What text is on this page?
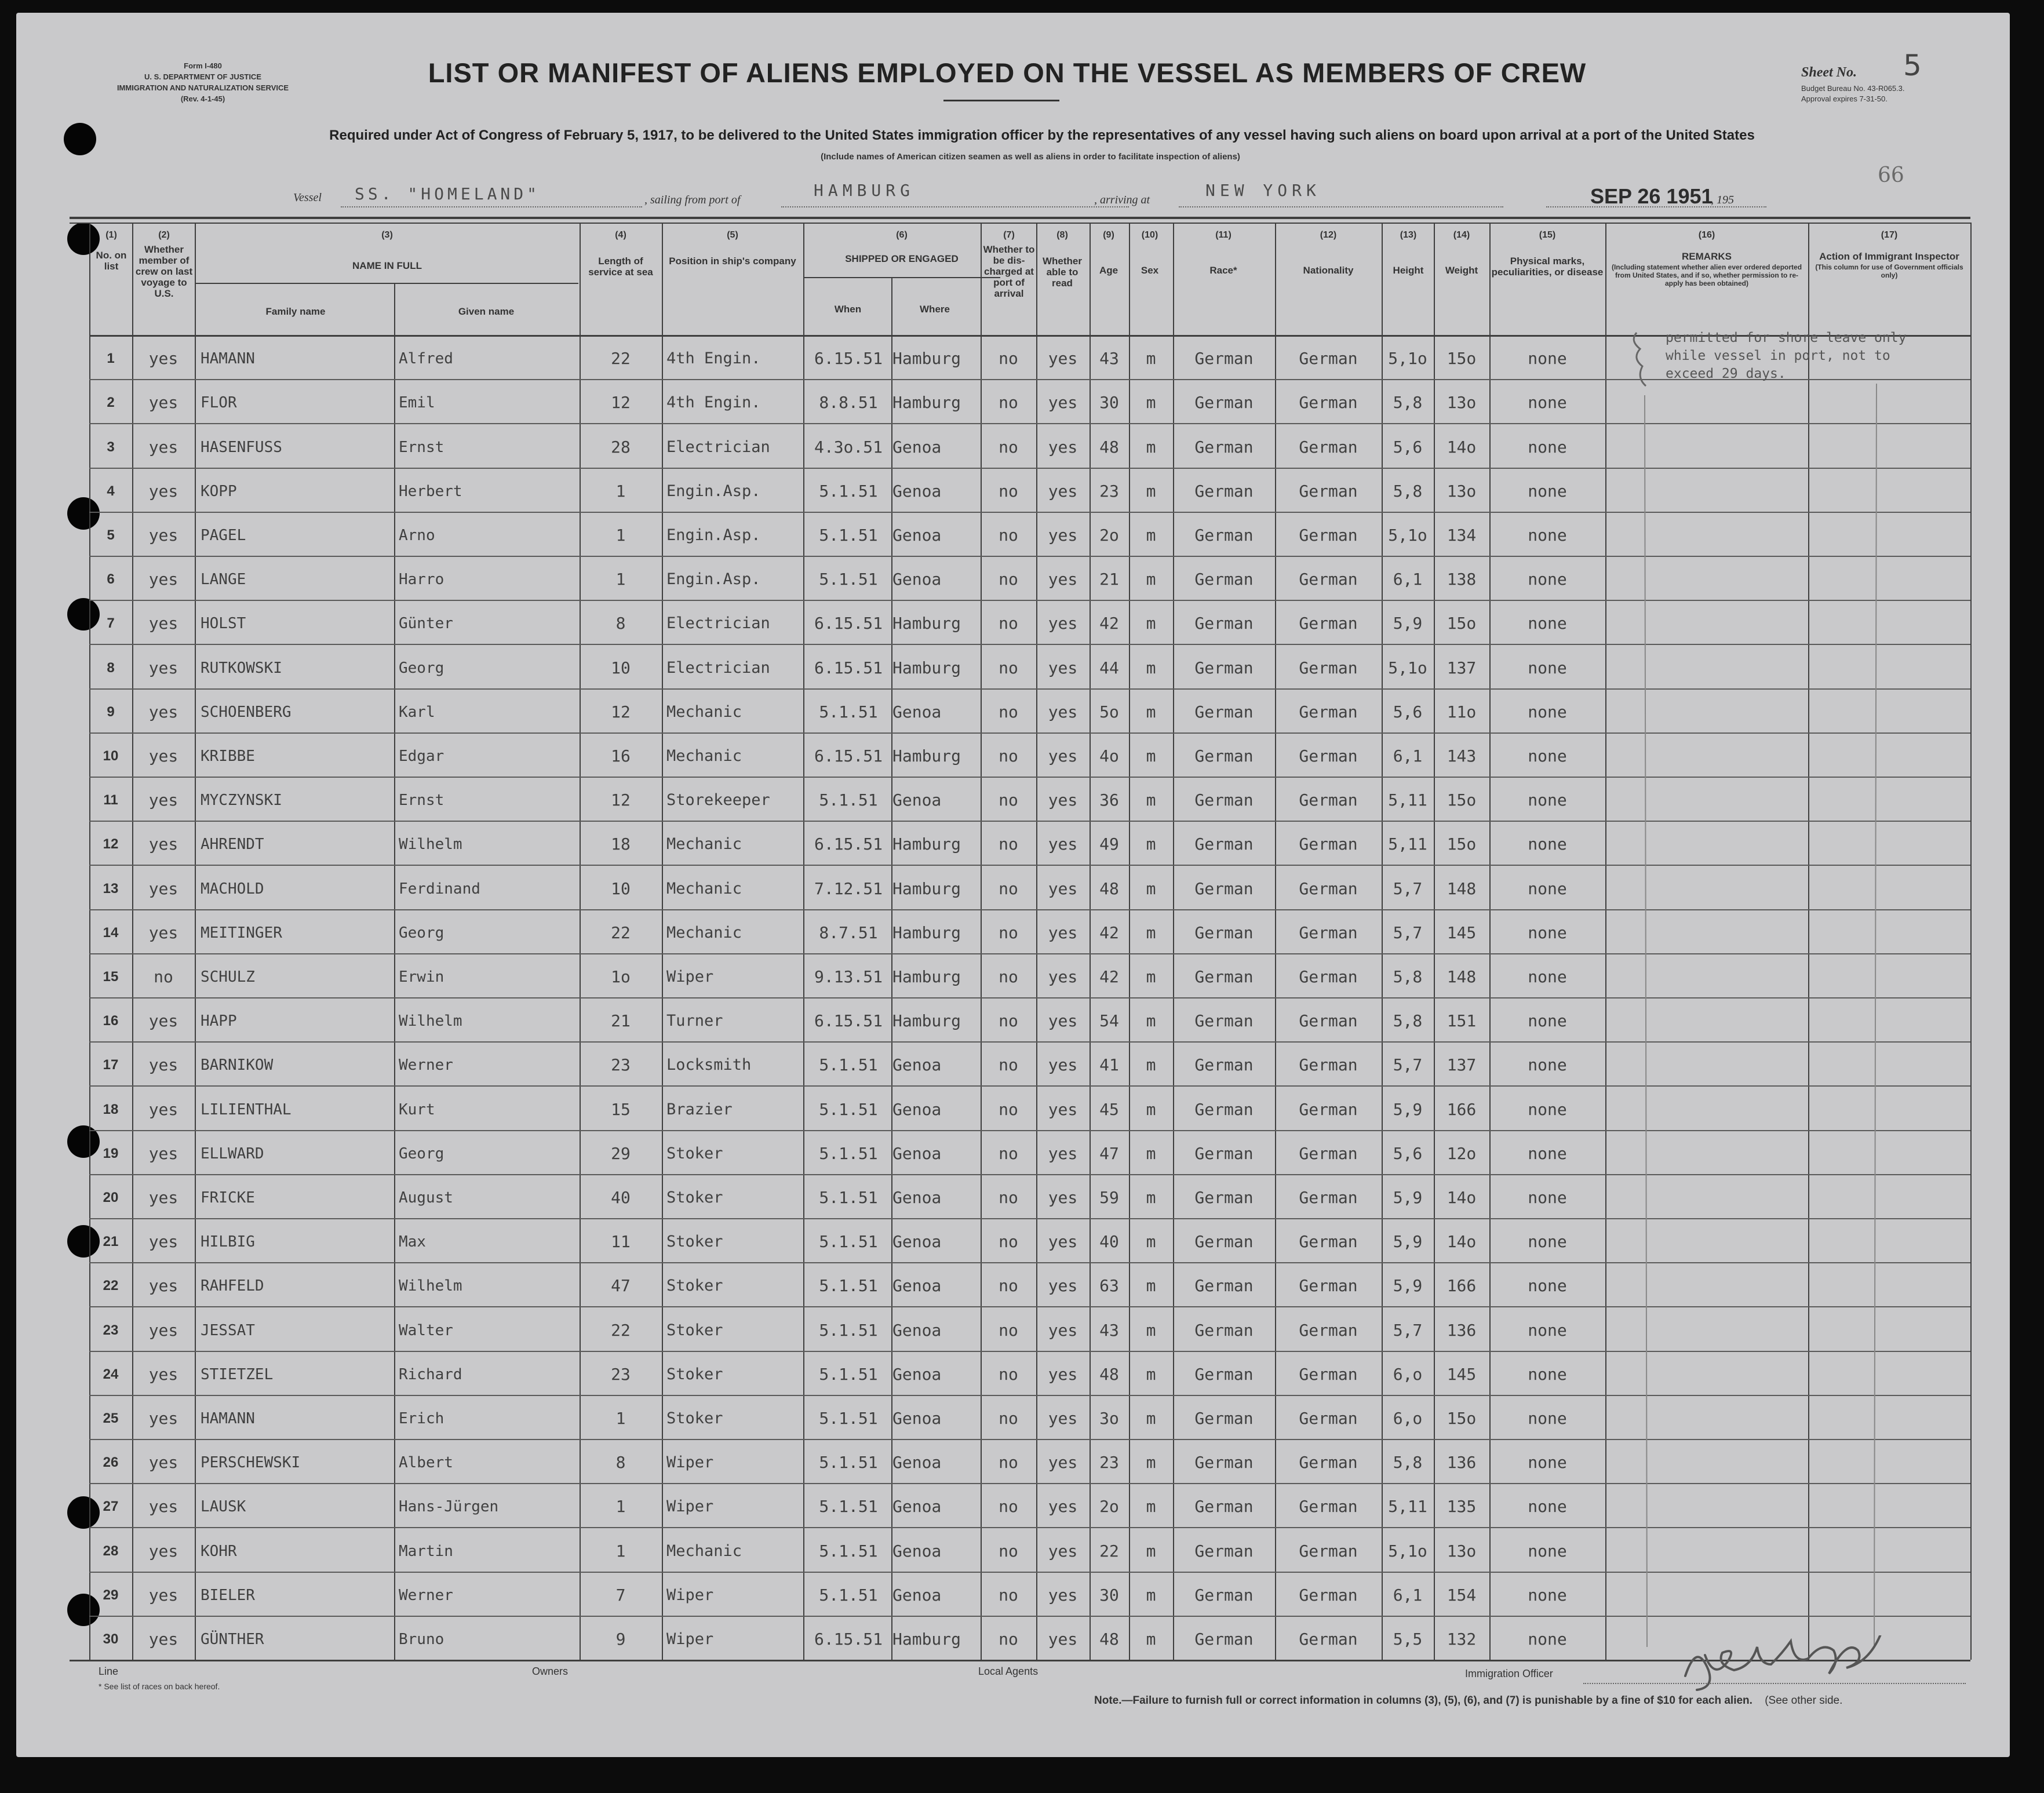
Form I-480
U. S. DEPARTMENT OF JUSTICE
IMMIGRATION AND NATURALIZATION SERVICE
(Rev. 4-1-45)
LIST OR MANIFEST OF ALIENS EMPLOYED ON THE VESSEL AS MEMBERS OF CREW	Sheet No. 5
Budget Bureau No. 43-R065.3.
Approval expires 7-31-50.
Required under Act of Congress of February 5, 1917, to be delivered to the United States immigration officer by the representatives of any vessel having such aliens on board upon arrival at a port of the United States
(Include names of American citizen seamen as well as aliens in order to facilitate inspection of aliens)
Vessel SS. "HOMELAND"	, sailing from port of	HAMBURG	, arriving at	NEW YORK	SEP 26 1951
, 195
66
(1)
No. on list
(2)
Whether member of crew on last voyage to U.S.
(3)
NAME IN FULL
Family name	Given name
(4)
Length of service at sea
(5)
Position in ship's company
(6)
SHIPPED OR ENGAGED
When	Where
(7)
Whether to be dis-charged at port of arrival
(8)
Whether able to read
(9)
Age
(10)
Sex
(11)
Race*
(12)
Nationality
(13)
Height
(14)
Weight
(15)
Physical marks, peculiarities, or disease
(16)
REMARKS
(Including statement whether alien ever ordered deported from United States, and if so, whether permission to re-apply has been obtained)
(17)
Action of Immigrant Inspector
(This column for use of Government officials only)
1	yes	HAMANN	Alfred	22	4th Engin.	6.15.51 Hamburg	no	yes	43	m	German	German	5,1o	15o	none
2	yes	FLOR	Emil	12	4th Engin.	8.8.51 Hamburg	no	yes	30	m	German	German	5,8	13o	none
3	yes	HASENFUSS	Ernst	28	Electrician	4.3o.51 Genoa	no	yes	48	m	German	German	5,6	14o	none
4	yes	KOPP	Herbert	1	Engin.Asp.	5.1.51 Genoa	no	yes	23	m	German	German	5,8	13o	none
5	yes	PAGEL	Arno	1	Engin.Asp.	5.1.51 Genoa	no	yes	2o	m	German	German	5,1o	134	none
6	yes	LANGE	Harro	1	Engin.Asp.	5.1.51 Genoa	no	yes	21	m	German	German	6,1	138	none
7	yes	HOLST	Günter	8	Electrician	6.15.51 Hamburg	no	yes	42	m	German	German	5,9	15o	none
8	yes	RUTKOWSKI	Georg	10	Electrician	6.15.51 Hamburg	no	yes	44	m	German	German	5,1o	137	none
9	yes	SCHOENBERG	Karl	12	Mechanic	5.1.51 Genoa	no	yes	5o	m	German	German	5,6	11o	none
10	yes	KRIBBE	Edgar	16	Mechanic	6.15.51 Hamburg	no	yes	4o	m	German	German	6,1	143	none
11	yes	MYCZYNSKI	Ernst	12	Storekeeper	5.1.51 Genoa	no	yes	36	m	German	German	5,11	15o	none
12	yes	AHRENDT	Wilhelm	18	Mechanic	6.15.51 Hamburg	no	yes	49	m	German	German	5,11	15o	none
13	yes	MACHOLD	Ferdinand	10	Mechanic	7.12.51 Hamburg	no	yes	48	m	German	German	5,7	148	none
14	yes	MEITINGER	Georg	22	Mechanic	8.7.51 Hamburg	no	yes	42	m	German	German	5,7	145	none
15	no	SCHULZ	Erwin	1o	Wiper	9.13.51 Hamburg	no	yes	42	m	German	German	5,8	148	none
16	yes	HAPP	Wilhelm	21	Turner	6.15.51 Hamburg	no	yes	54	m	German	German	5,8	151	none
17	yes	BARNIKOW	Werner	23	Locksmith	5.1.51 Genoa	no	yes	41	m	German	German	5,7	137	none
18	yes	LILIENTHAL	Kurt	15	Brazier	5.1.51 Genoa	no	yes	45	m	German	German	5,9	166	none
19	yes	ELLWARD	Georg	29	Stoker	5.1.51 Genoa	no	yes	47	m	German	German	5,6	12o	none
20	yes	FRICKE	August	40	Stoker	5.1.51 Genoa	no	yes	59	m	German	German	5,9	14o	none
21	yes	HILBIG	Max	11	Stoker	5.1.51 Genoa	no	yes	40	m	German	German	5,9	14o	none
22	yes	RAHFELD	Wilhelm	47	Stoker	5.1.51 Genoa	no	yes	63	m	German	German	5,9	166	none
23	yes	JESSAT	Walter	22	Stoker	5.1.51 Genoa	no	yes	43	m	German	German	5,7	136	none
24	yes	STIETZEL	Richard	23	Stoker	5.1.51 Genoa	no	yes	48	m	German	German	6,o	145	none
25	yes	HAMANN	Erich	1	Stoker	5.1.51 Genoa	no	yes	3o	m	German	German	6,o	15o	none
26	yes	PERSCHEWSKI	Albert	8	Wiper	5.1.51 Genoa	no	yes	23	m	German	German	5,8	136	none
27	yes	LAUSK	Hans-Jürgen	1	Wiper	5.1.51 Genoa	no	yes	2o	m	German	German	5,11	135	none
28	yes	KOHR	Martin	1	Mechanic	5.1.51 Genoa	no	yes	22	m	German	German	5,1o	13o	none
29	yes	BIELER	Werner	7	Wiper	5.1.51 Genoa	no	yes	30	m	German	German	6,1	154	none
30	yes	GÜNTHER	Bruno	9	Wiper	6.15.51 Hamburg	no	yes	48	m	German	German	5,5	132	none
permitted for shore leave only
while vessel in port, not to
exceed 29 days.
Line	Owners	Local Agents	Immigration Officer
* See list of races on back hereof.
Note.—Failure to furnish full or correct information in columns (3), (5), (6), and (7) is punishable by a fine of $10 for each alien. (See other side.
